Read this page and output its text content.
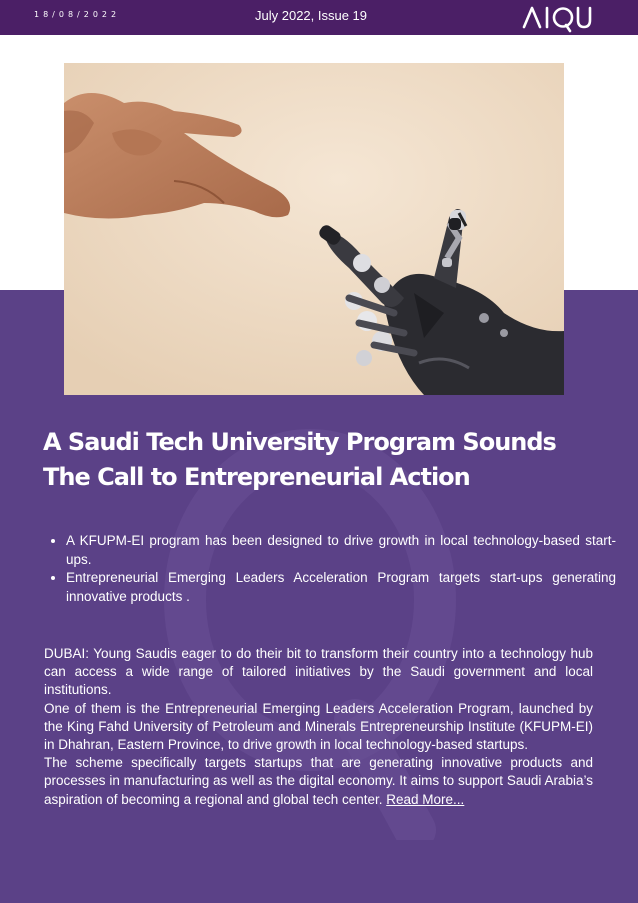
18/08/2022	July 2022, Issue 19
A Saudi Tech University Program Sounds The Call to Entrepreneurial Action
• A KFUPM-EI program has been designed to drive growth in local technology-based start-ups.
• Entrepreneurial Emerging Leaders Acceleration Program targets start-ups generating innovative products .

DUBAI: Young Saudis eager to do their bit to transform their country into a technology hub can access a wide range of tailored initiatives by the Saudi government and local institutions.

One of them is the Entrepreneurial Emerging Leaders Acceleration Program, launched by the King Fahd University of Petroleum and Minerals Entrepreneurship Institute (KFUPM-EI) in Dhahran, Eastern Province, to drive growth in local technology-based startups.

The scheme specifically targets startups that are generating innovative products and processes in manufacturing as well as the digital economy. It aims to support Saudi Arabia’s aspiration of becoming a regional and global tech center. Read More...
